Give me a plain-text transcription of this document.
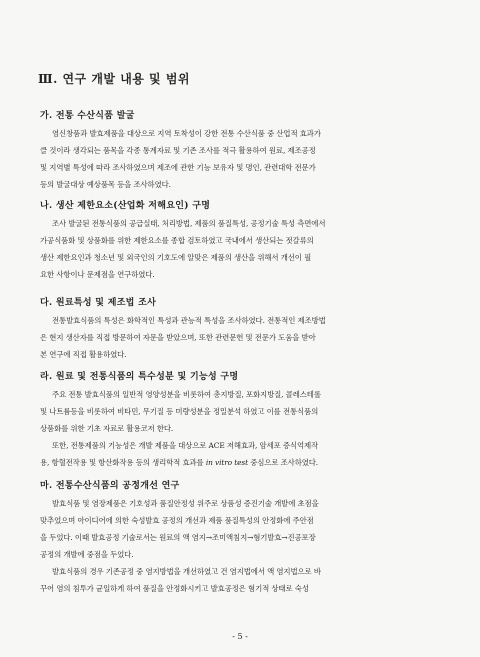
Ⅲ. 연구 개발 내용 및 범위
가. 전통 수산식품 발굴

염신창품과 발효제품을 대상으로 지역 토착성이 강한 전통 수산식품 중 산업적 효과가

클 것이라 생각되는 품목을 각종 통계자료 및 기존 조사를 적극 활용하여 원료, 제조공정

및 지역별 특성에 따라 조사하였으며 제조에 관한 기능 보유자 및 명인, 관련대학 전문가

등의 발굴대상 예상품목 등을 조사하였다.

나. 생산 제한요소(산업화 저해요인) 구명

조사 발굴된 전통식품의 공급실태, 처리방법, 제품의 품질특성, 공정기술 특성 측면에서

가공식품화 및 상품화를 위한 제한요소를 종합 검토하였고 국내에서 생산되는 젓갈류의

생산 제한요인과 청소년 및 외국인의 기호도에 알맞은 제품의 생산을 위해서 개선이 필

요한 사항이나 문제점을 연구하였다.

다. 원료특성 및 제조법 조사

전통발효식품의 특성은 화학적인 특성과 관능적 특성을 조사하였다. 전통적인 제조방법

은 현지 생산자를 직접 방문하여 자문을 받았으며, 또한 관련문헌 및 전문가 도움을 받아

본 연구에 직접 활용하였다.

라. 원료 및 전통식품의 특수성분 및 기능성 구명

주요 전통 발효식품의 일반적 영양성분을 비롯하여 총지방질, 포화지방질, 콜레스테롤

및 나트륨등을 비롯하여 비타민, 무기질 등 미량성분을 정밀분석 하였고 이를 전통식품의

상품화를 위한 기초 자료로 활용코저 한다.

또한, 전통제품의 기능성은 개발 제품을 대상으로 ACE 저해효과, 암세포 증식억제작

용, 항혈전작용 및 항산화작용 등의 생리학적 효과를 in vitro test 중심으로 조사하였다.

마. 전통수산식품의 공정개선 연구

발효식품 및 염장제품은 기호성과 품질안정성 위주로 상품성 증진기술 개발에 초점을

맞추었으며 아이디어에 의한 숙성발효 공정의 개선과 제품 품질특성의 안정화에 주안점

을 두었다. 이때 발효공정 기술로서는 원료의 액 염지→조미액침지→혐기발효→진공포장

공정의 개발에 중점을 두었다.

발효식품의 경우 기존공정 중 염지방법을 개선하였고 건 염지법에서 액 염지법으로 바

꾸어 염의 침투가 균일하게 하여 품질을 안정화시키고 발효공정은 혐기적 상태로 숙성

- 5 -
